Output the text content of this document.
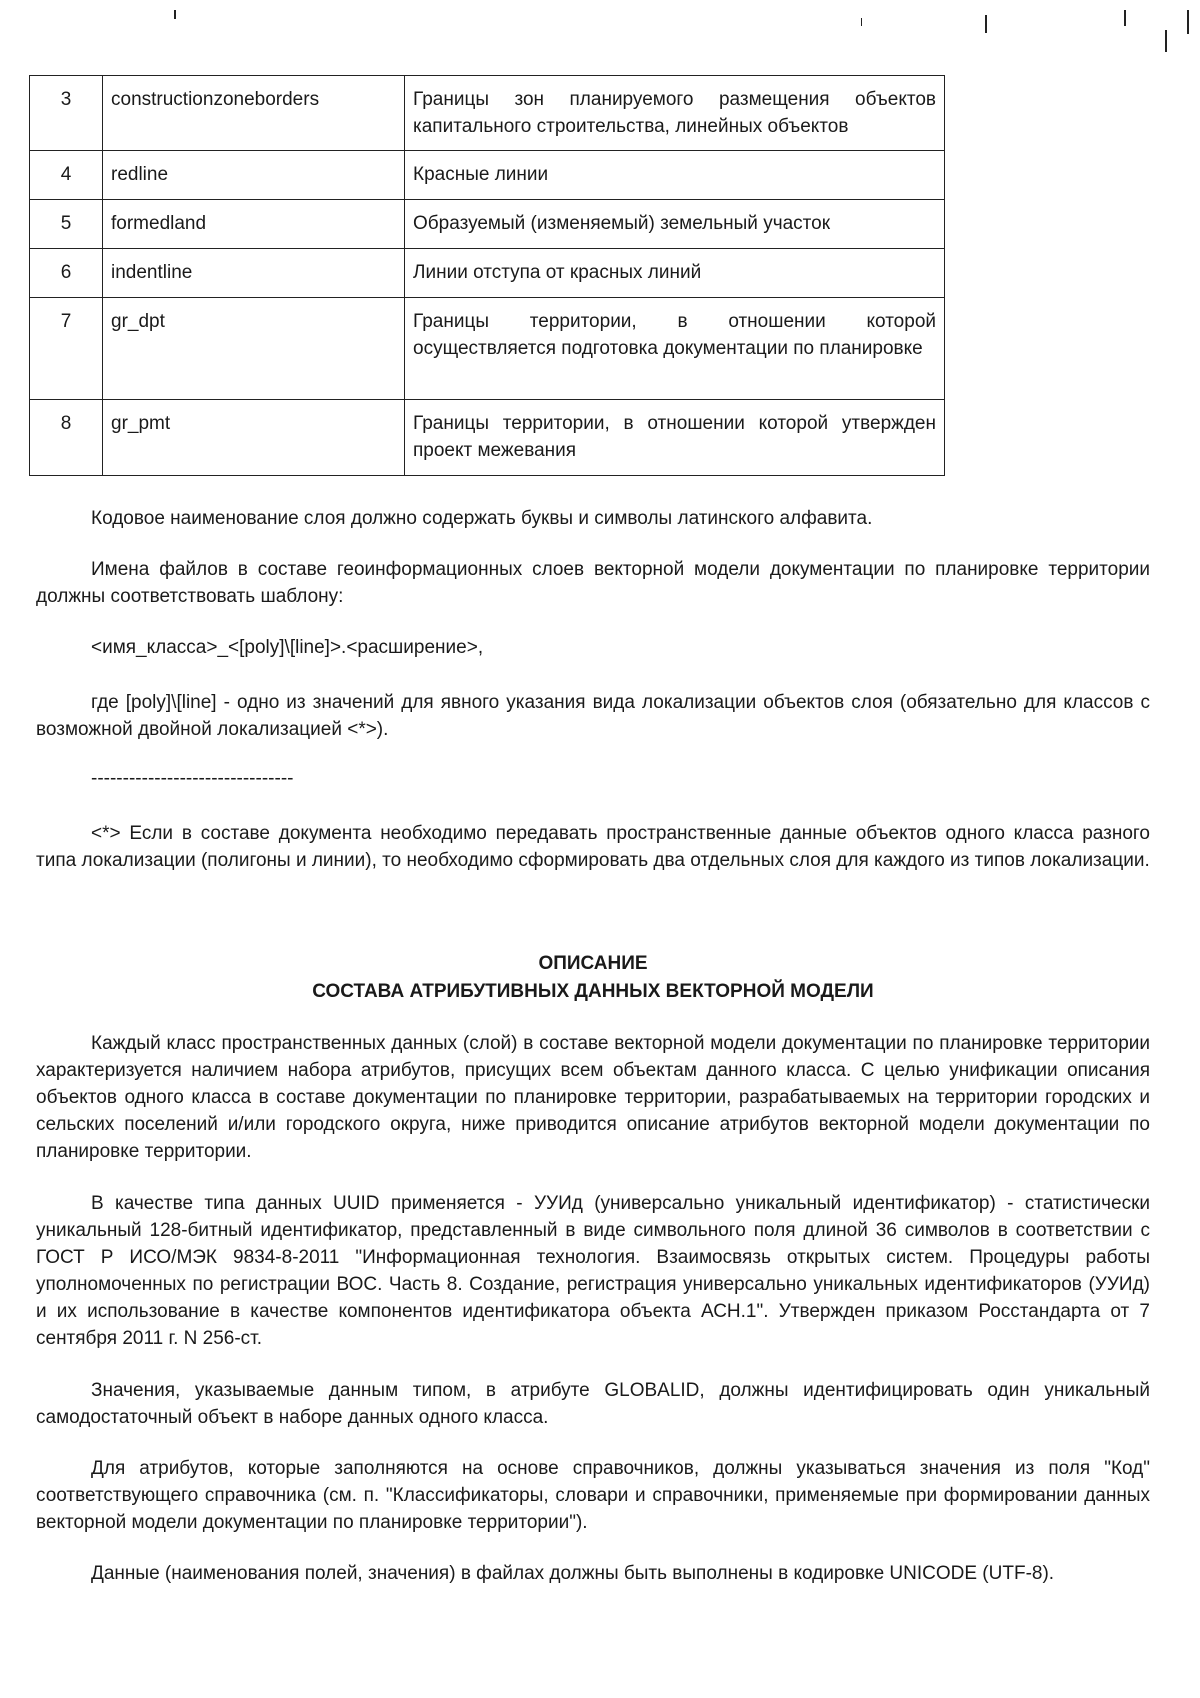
3	constructionzoneborders	Границы зон планируемого размещения объектов капитального строительства, линейных объектов
4	redline	Красные линии
5	formedland	Образуемый (изменяемый) земельный участок
6	indentline	Линии отступа от красных линий
7	gr_dpt	Границы территории, в отношении которой осуществляется подготовка документации по планировке
8	gr_pmt	Границы территории, в отношении которой утвержден проект межевания
Кодовое наименование слоя должно содержать буквы и символы латинского алфавита.
Имена файлов в составе геоинформационных слоев векторной модели документации по планировке территории должны соответствовать шаблону:
<имя_класса>_<[poly]\[line]>.<расширение>,
где [poly]\[line] - одно из значений для явного указания вида локализации объектов слоя (обязательно для классов с возможной двойной локализацией <*>).
--------------------------------
<*> Если в составе документа необходимо передавать пространственные данные объектов одного класса разного типа локализации (полигоны и линии), то необходимо сформировать два отдельных слоя для каждого из типов локализации.
ОПИСАНИЕ
СОСТАВА АТРИБУТИВНЫХ ДАННЫХ ВЕКТОРНОЙ МОДЕЛИ
Каждый класс пространственных данных (слой) в составе векторной модели документации по планировке территории характеризуется наличием набора атрибутов, присущих всем объектам данного класса. С целью унификации описания объектов одного класса в составе документации по планировке территории, разрабатываемых на территории городских и сельских поселений и/или городского округа, ниже приводится описание атрибутов векторной модели документации по планировке территории.
В качестве типа данных UUID применяется - УУИд (универсально уникальный идентификатор) - статистически уникальный 128-битный идентификатор, представленный в виде символьного поля длиной 36 символов в соответствии с ГОСТ Р ИСО/МЭК 9834-8-2011 "Информационная технология. Взаимосвязь открытых систем. Процедуры работы уполномоченных по регистрации ВОС. Часть 8. Создание, регистрация универсально уникальных идентификаторов (УУИд) и их использование в качестве компонентов идентификатора объекта АСН.1". Утвержден приказом Росстандарта от 7 сентября 2011 г. N 256-ст.
Значения, указываемые данным типом, в атрибуте GLOBALID, должны идентифицировать один уникальный самодостаточный объект в наборе данных одного класса.
Для атрибутов, которые заполняются на основе справочников, должны указываться значения из поля "Код" соответствующего справочника (см. п. "Классификаторы, словари и справочники, применяемые при формировании данных векторной модели документации по планировке территории").
Данные (наименования полей, значения) в файлах должны быть выполнены в кодировке UNICODE (UTF-8).
